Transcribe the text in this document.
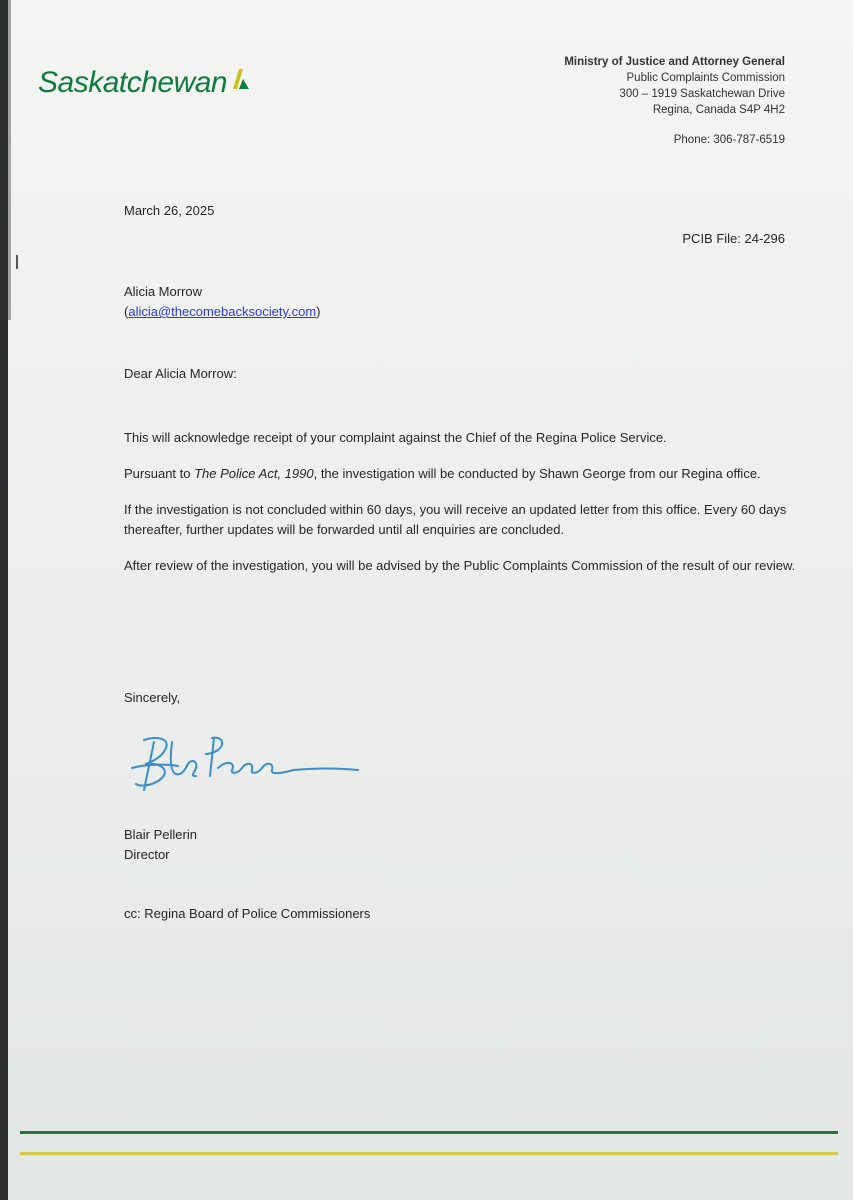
Saskatchewan
Ministry of Justice and Attorney General
Public Complaints Commission
300 – 1919 Saskatchewan Drive
Regina, Canada S4P 4H2
Phone: 306-787-6519
March 26, 2025
PCIB File: 24-296
Alicia Morrow
(alicia@thecomebacksociety.com)
Dear Alicia Morrow:

This will acknowledge receipt of your complaint against the Chief of the Regina Police Service.

Pursuant to The Police Act, 1990, the investigation will be conducted by Shawn George from our Regina office.

If the investigation is not concluded within 60 days, you will receive an updated letter from this office. Every 60 days thereafter, further updates will be forwarded until all enquiries are concluded.

After review of the investigation, you will be advised by the Public Complaints Commission of the result of our review.

Sincerely,
Blair Pellerin
Director
cc: Regina Board of Police Commissioners
